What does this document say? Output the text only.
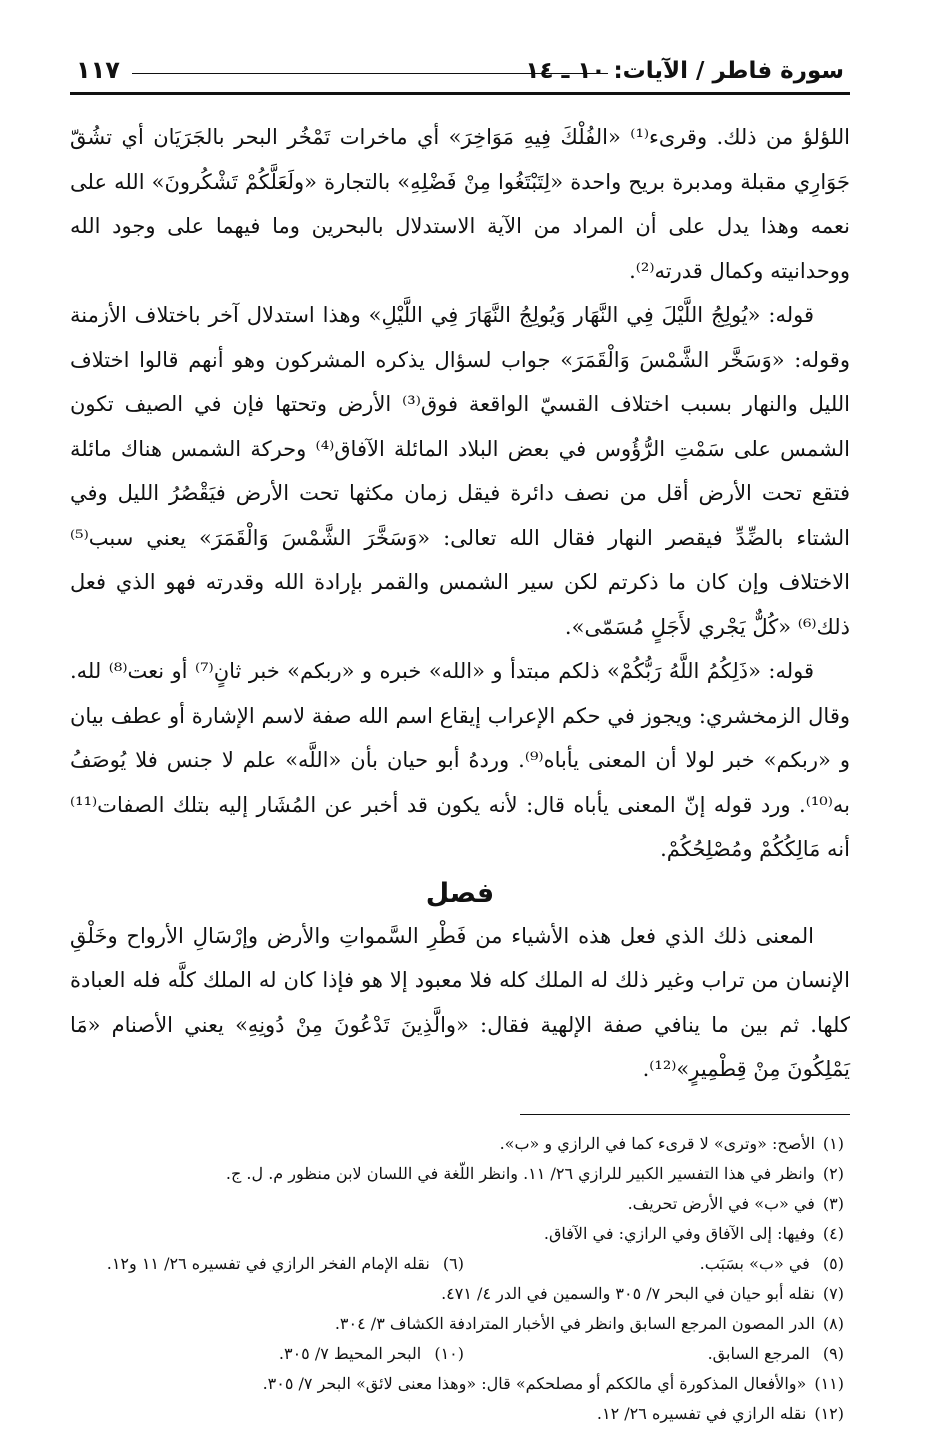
سورة فاطر / الآيات: ١٠ ـ ١٤
١١٧

اللؤلؤ من ذلك. وقرىء⁽¹⁾ «الفُلْكَ فِيهِ مَوَاخِرَ» أي ماخرات تَمْخُر البحر بالجَرَيَان أي تشُقّ جَوَارِي مقبلة ومدبرة بريح واحدة «لِتَبْتَغُوا مِنْ فَضْلِهِ» بالتجارة «ولَعَلَّكُمْ تَشْكُرونَ» الله على نعمه وهذا يدل على أن المراد من الآية الاستدلال بالبحرين وما فيهما على وجود الله ووحدانيته وكمال قدرته⁽²⁾.

قوله: «يُولِجُ اللَّيْلَ فِي النَّهَار وَيُولِجُ النَّهَارَ فِي اللَّيْلِ» وهذا استدلال آخر باختلاف الأزمنة وقوله: «وَسَخَّر الشَّمْسَ وَالْقَمَرَ» جواب لسؤال يذكره المشركون وهو أنهم قالوا اختلاف الليل والنهار بسبب اختلاف القسيّ الواقعة فوق⁽³⁾ الأرض وتحتها فإن في الصيف تكون الشمس على سَمْتِ الرُّؤُوس في بعض البلاد المائلة الآفاق⁽⁴⁾ وحركة الشمس هناك مائلة فتقع تحت الأرض أقل من نصف دائرة فيقل زمان مكثها تحت الأرض فيَقْصُرُ الليل وفي الشتاء بالضِّدِّ فيقصر النهار فقال الله تعالى: «وَسَخَّرَ الشَّمْسَ وَالْقَمَرَ» يعني سبب⁽⁵⁾ الاختلاف وإن كان ما ذكرتم لكن سير الشمس والقمر بإرادة الله وقدرته فهو الذي فعل ذلك⁽⁶⁾ «كُلٌّ يَجْري لأَجَلٍ مُسَمّى».

قوله: «ذَلِكُمُ اللَّهُ رَبُّكُمْ» ذلكم مبتدأ و «الله» خبره و «ربكم» خبر ثانٍ⁽⁷⁾ أو نعت⁽⁸⁾ لله. وقال الزمخشري: ويجوز في حكم الإعراب إيقاع اسم الله صفة لاسم الإشارة أو عطف بيان و «ربكم» خبر لولا أن المعنى يأباه⁽⁹⁾. وردهُ أبو حيان بأن «اللَّه» علم لا جنس فلا يُوصَفُ به⁽¹⁰⁾. ورد قوله إنّ المعنى يأباه قال: لأنه يكون قد أخبر عن المُشَار إليه بتلك الصفات⁽¹¹⁾ أنه مَالِكُكُمْ ومُصْلِحُكُمْ.

فصل

المعنى ذلك الذي فعل هذه الأشياء من فَطْرِ السَّمواتِ والأرض وإرْسَالِ الأرواح وخَلْقِ الإنسان من تراب وغير ذلك له الملك كله فلا معبود إلا هو فإذا كان له الملك كلَّه فله العبادة كلها. ثم بين ما ينافي صفة الإلهية فقال: «والَّذِينَ تَدْعُونَ مِنْ دُونِهِ» يعني الأصنام «مَا يَمْلِكُونَ مِنْ قِطْمِيرٍ»⁽¹²⁾.

(١)
الأصح: «وترى» لا قرىء كما في الرازي و «ب».
(٢)
وانظر في هذا التفسير الكبير للرازي ٢٦/ ١١. وانظر اللّغة في اللسان لابن منظور م. ل. ج.
(٣)
في «ب» في الأرض تحريف.
(٤)
وفيها: إلى الآفاق وفي الرازي: في الآفاق.
(٥) في «ب» بسَبَب.
(٦) نقله الإمام الفخر الرازي في تفسيره ٢٦/ ١١ و١٢.
(٧)
نقله أبو حيان في البحر ٧/ ٣٠٥ والسمين في الدر ٤/ ٤٧١.
(٨)
الدر المصون المرجع السابق وانظر في الأخبار المترادفة الكشاف ٣/ ٣٠٤.
(٩) المرجع السابق.
(١٠) البحر المحيط ٧/ ٣٠٥.
(١١)
«والأفعال المذكورة أي مالككم أو مصلحكم» قال: «وهذا معنى لائق» البحر ٧/ ٣٠٥.
(١٢)
نقله الرازي في تفسيره ٢٦/ ١٢.
